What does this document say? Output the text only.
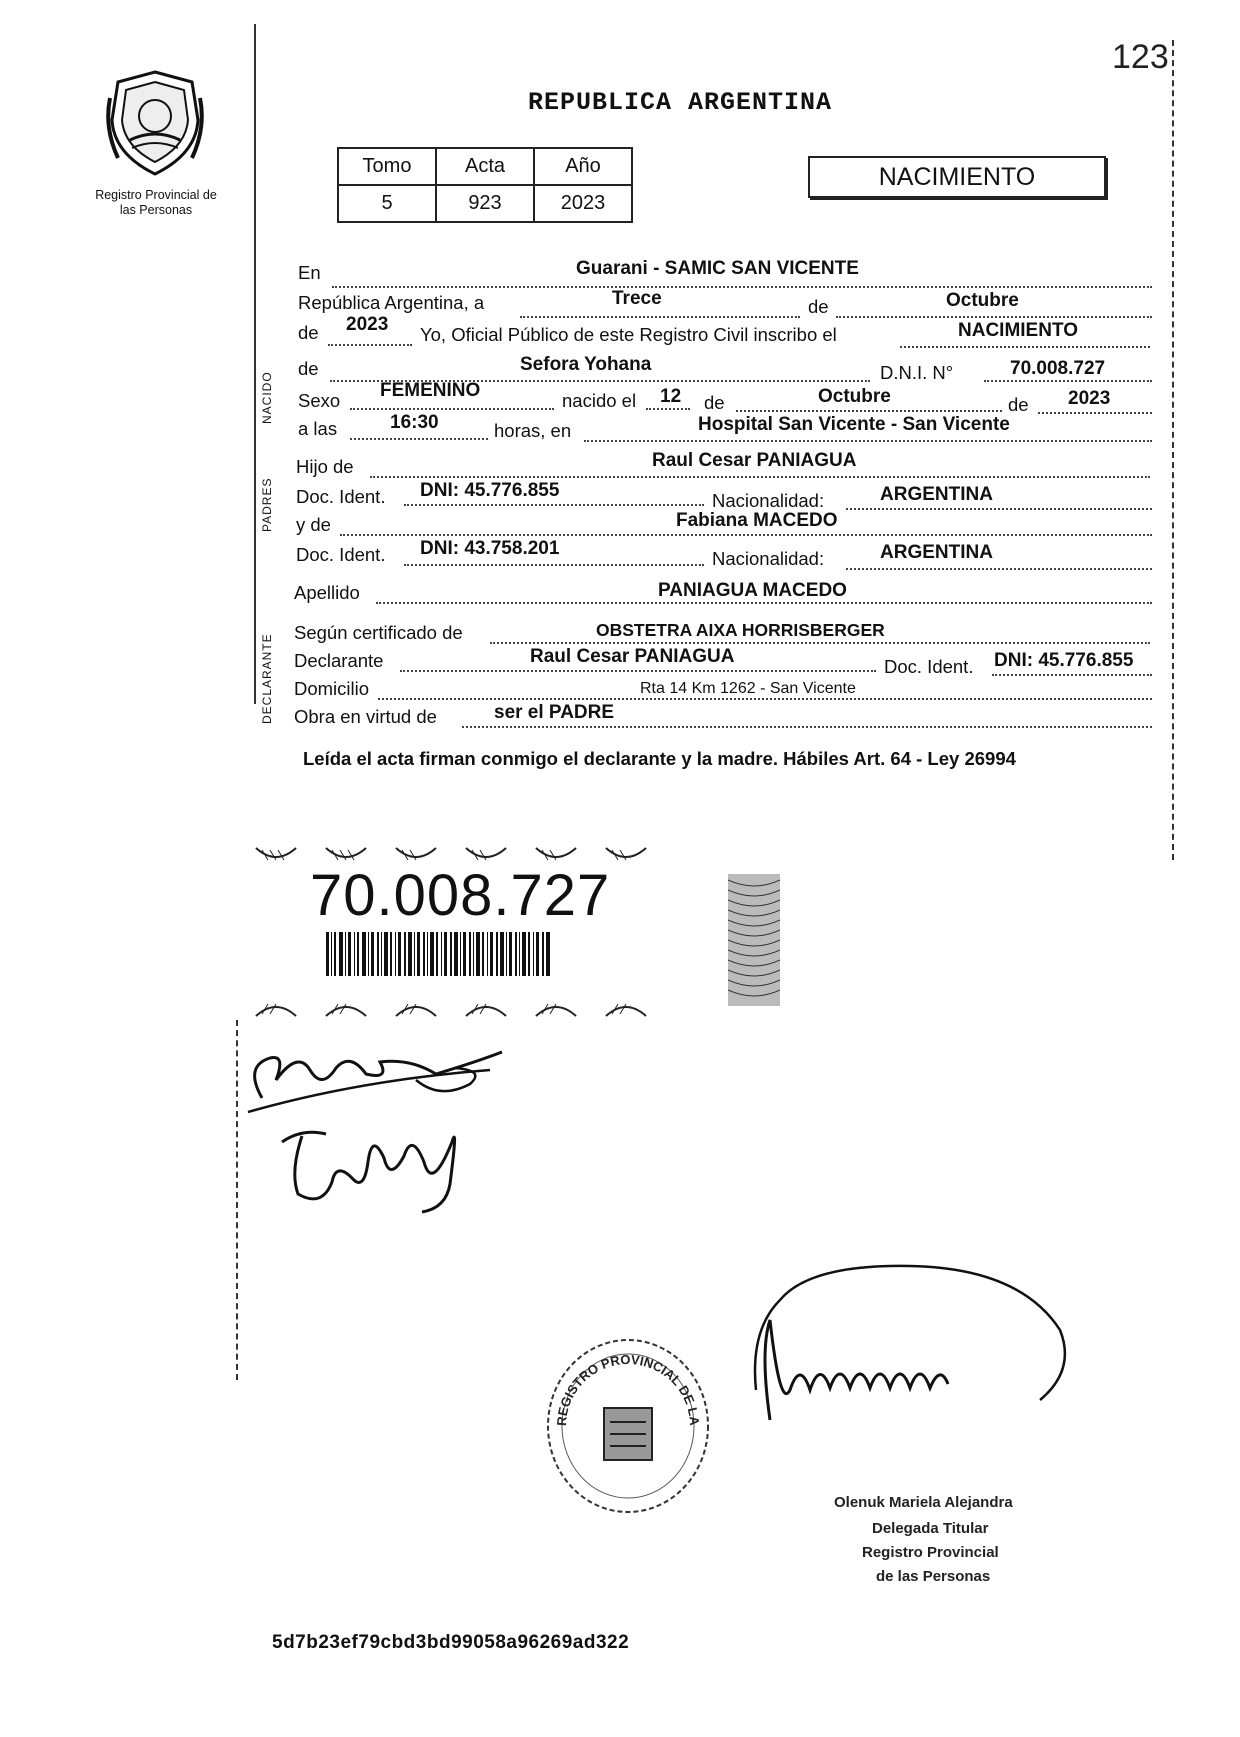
123
Registro Provincial de las Personas
REPUBLICA ARGENTINA
Tomo	Acta	Año
5	923	2023
NACIMIENTO
NACIDO
PADRES
DECLARANTE
En	Guarani - SAMIC SAN VICENTE
República Argentina, a	Trece	de	Octubre
de 2023 Yo, Oficial Público de este Registro Civil inscribo el	NACIMIENTO
de	Sefora Yohana	D.N.I. N°	70.008.727
Sexo FEMENINO	nacido el 12 de	Octubre	de 2023
a las	16:30	horas, en	Hospital San Vicente - San Vicente
Hijo de	Raul Cesar PANIAGUA
Doc. Ident. DNI: 45.776.855	Nacionalidad:	ARGENTINA
y de	Fabiana MACEDO
Doc. Ident. DNI: 43.758.201	Nacionalidad:	ARGENTINA
Apellido	PANIAGUA MACEDO
Según certificado de	OBSTETRA AIXA HORRISBERGER
Declarante	Raul Cesar PANIAGUA	Doc. Ident. DNI: 45.776.855
Domicilio	Rta 14 Km 1262 - San Vicente
Obra en virtud de	ser el PADRE
Leída el acta firman conmigo el declarante y la madre. Hábiles Art. 64 - Ley 26994
70.008.727
REGISTRO PROVINCIAL DE LA
Olenuk Mariela Alejandra
Delegada Titular
Registro Provincial
de las Personas
5d7b23ef79cbd3bd99058a96269ad322
